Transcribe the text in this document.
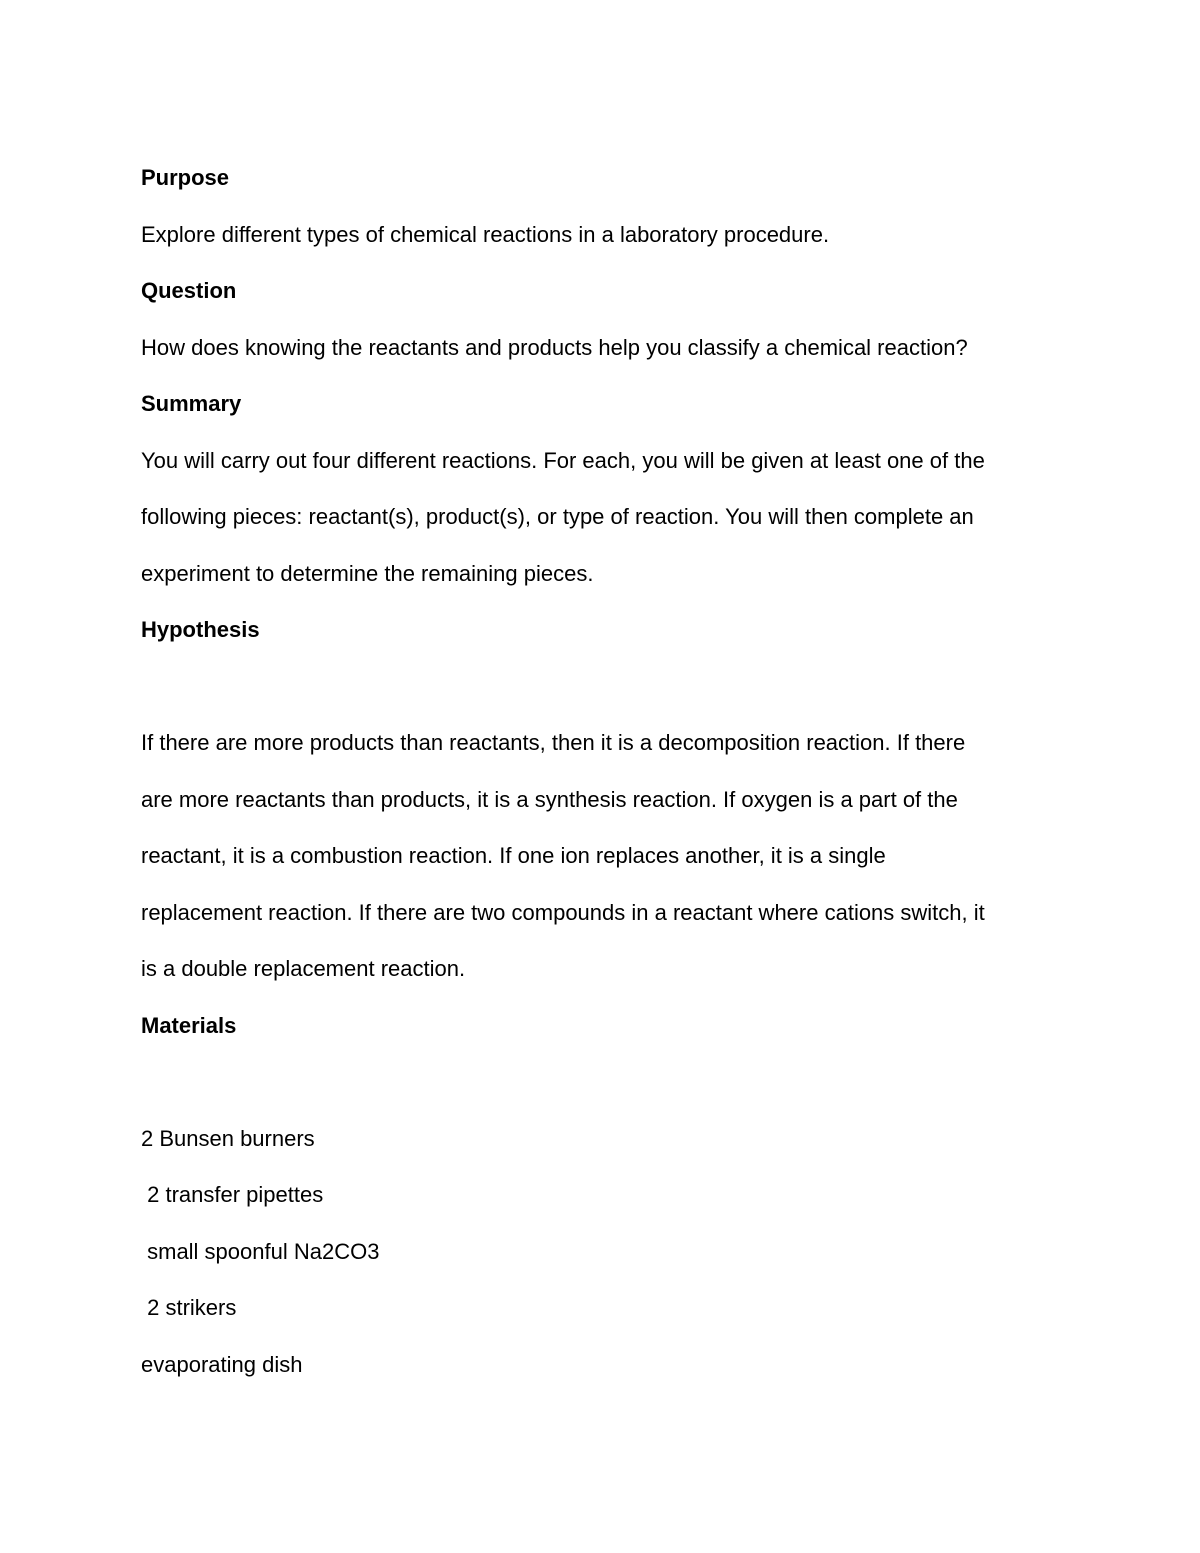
Purpose
Explore different types of chemical reactions in a laboratory procedure.
Question
How does knowing the reactants and products help you classify a chemical reaction?
Summary
You will carry out four different reactions. For each, you will be given at least one of the
following pieces: reactant(s), product(s), or type of reaction. You will then complete an
experiment to determine the remaining pieces.
Hypothesis
If there are more products than reactants, then it is a decomposition reaction. If there
are more reactants than products, it is a synthesis reaction. If oxygen is a part of the
reactant, it is a combustion reaction. If one ion replaces another, it is a single
replacement reaction. If there are two compounds in a reactant where cations switch, it
is a double replacement reaction.
Materials
2 Bunsen burners
2 transfer pipettes
small spoonful Na2CO3
2 strikers
evaporating dish
